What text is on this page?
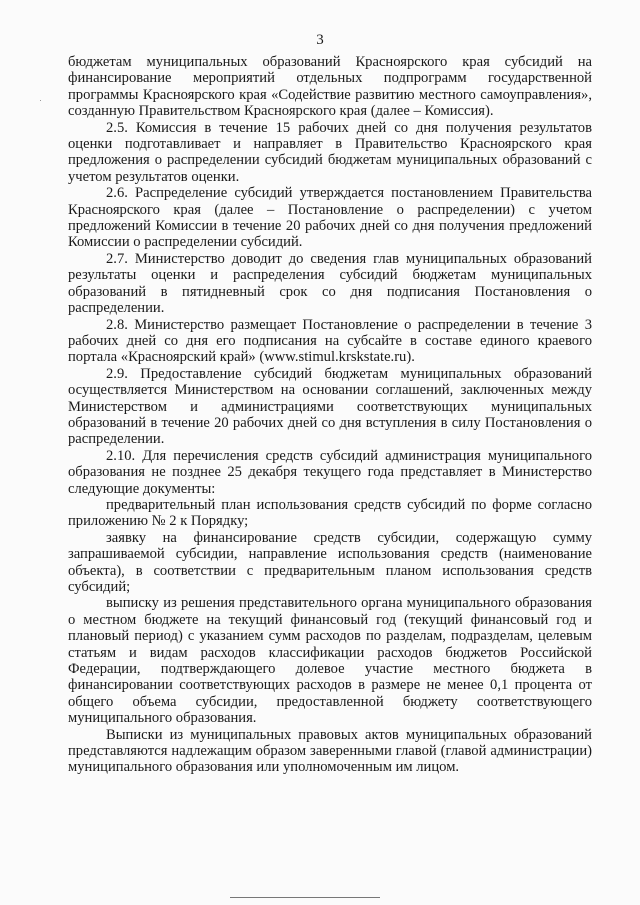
3

бюджетам муниципальных образований Красноярского края субсидий на финансирование мероприятий отдельных подпрограмм государственной программы Красноярского края «Содействие развитию местного самоуправления», созданную Правительством Красноярского края (далее – Комиссия).

2.5. Комиссия в течение 15 рабочих дней со дня получения результатов оценки подготавливает и направляет в Правительство Красноярского края предложения о распределении субсидий бюджетам муниципальных образований с учетом результатов оценки.

2.6. Распределение субсидий утверждается постановлением Правительства Красноярского края (далее – Постановление о распределении) с учетом предложений Комиссии в течение 20 рабочих дней со дня получения предложений Комиссии о распределении субсидий.

2.7. Министерство доводит до сведения глав муниципальных образований результаты оценки и распределения субсидий бюджетам муниципальных образований в пятидневный срок со дня подписания Постановления о распределении.

2.8. Министерство размещает Постановление о распределении в течение 3 рабочих дней со дня его подписания на субсайте в составе единого краевого портала «Красноярский край» (www.stimul.krskstate.ru).

2.9. Предоставление субсидий бюджетам муниципальных образований осуществляется Министерством на основании соглашений, заключенных между Министерством и администрациями соответствующих муниципальных образований в течение 20 рабочих дней со дня вступления в силу Постановления о распределении.

2.10. Для перечисления средств субсидий администрация муниципального образования не позднее 25 декабря текущего года представляет в Министерство следующие документы:

предварительный план использования средств субсидий по форме согласно приложению № 2 к Порядку;

заявку на финансирование средств субсидии, содержащую сумму запрашиваемой субсидии, направление использования средств (наименование объекта), в соответствии с предварительным планом использования средств субсидий;

выписку из решения представительного органа муниципального образования о местном бюджете на текущий финансовый год (текущий финансовый год и плановый период) с указанием сумм расходов по разделам, подразделам, целевым статьям и видам расходов классификации расходов бюджетов Российской Федерации, подтверждающего долевое участие местного бюджета в финансировании соответствующих расходов в размере не менее 0,1 процента от общего объема субсидии, предоставленной бюджету соответствующего муниципального образования.

Выписки из муниципальных правовых актов муниципальных образований представляются надлежащим образом заверенными главой (главой администрации) муниципального образования или уполномоченным им лицом.
